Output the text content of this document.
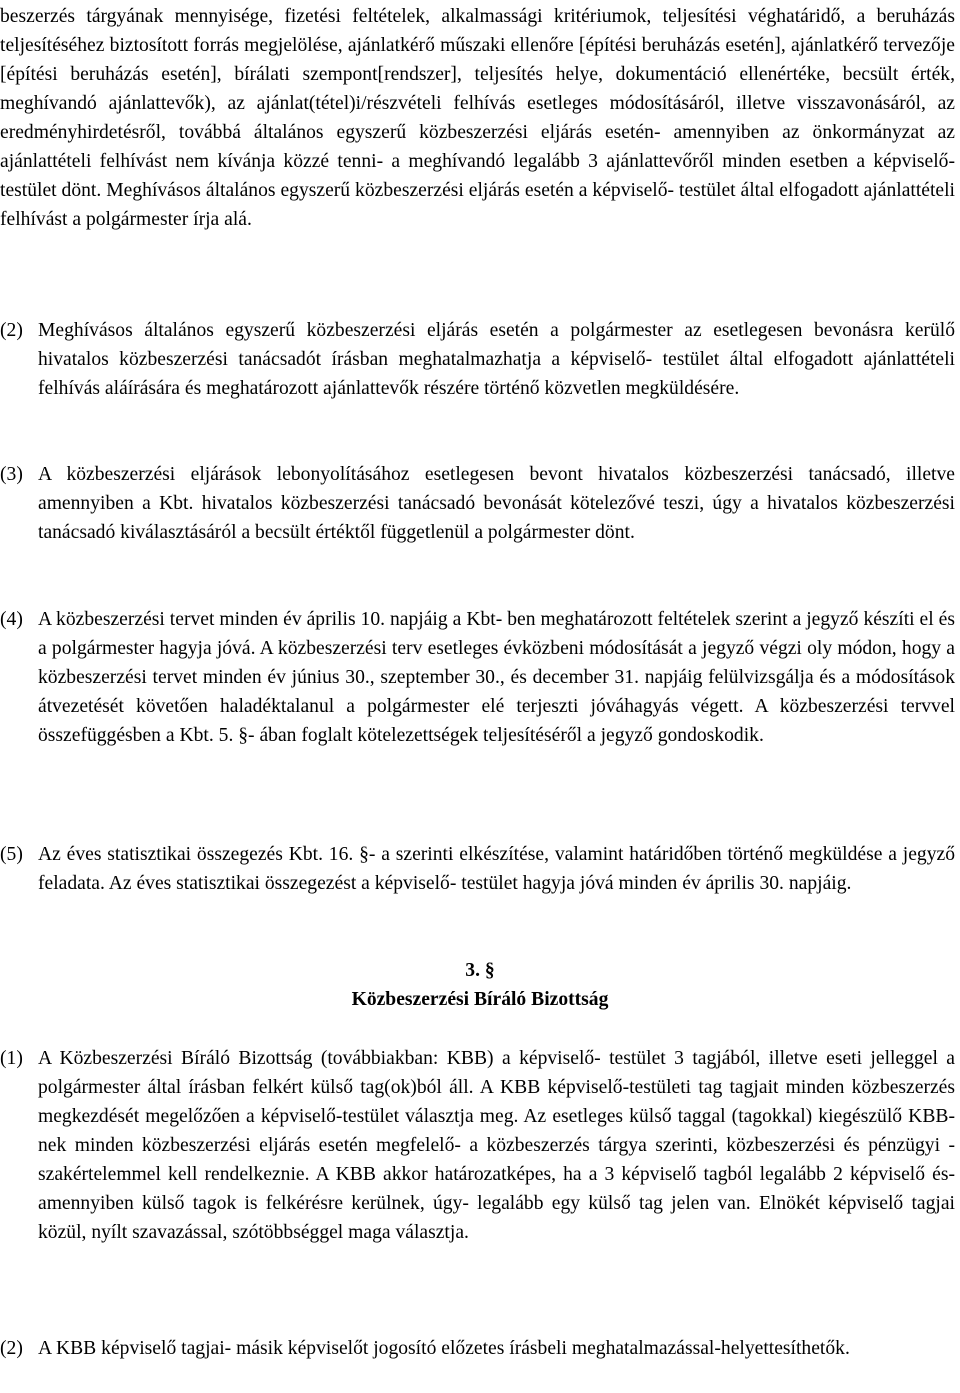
beszerzés tárgyának mennyisége, fizetési feltételek, alkalmassági kritériumok, teljesítési véghatáridő, a beruházás teljesítéséhez biztosított forrás megjelölése, ajánlatkérő műszaki ellenőre [építési beruházás esetén], ajánlatkérő tervezője [építési beruházás esetén], bírálati szempont[rendszer], teljesítés helye, dokumentáció ellenértéke, becsült érték, meghívandó ajánlattevők), az ajánlat(tétel)i/részvételi felhívás esetleges módosításáról, illetve visszavonásáról, az eredményhirdetésről, továbbá általános egyszerű közbeszerzési eljárás esetén- amennyiben az önkormányzat az ajánlattételi felhívást nem kívánja közzé tenni- a meghívandó legalább 3 ajánlattevőről minden esetben a képviselő-testület dönt. Meghívásos általános egyszerű közbeszerzési eljárás esetén a képviselő- testület által elfogadott ajánlattételi felhívást a polgármester írja alá.
(2) Meghívásos általános egyszerű közbeszerzési eljárás esetén a polgármester az esetlegesen bevonásra kerülő hivatalos közbeszerzési tanácsadót írásban meghatalmazhatja a képviselő- testület által elfogadott ajánlattételi felhívás aláírására és meghatározott ajánlattevők részére történő közvetlen megküldésére.
(3) A közbeszerzési eljárások lebonyolításához esetlegesen bevont hivatalos közbeszerzési tanácsadó, illetve amennyiben a Kbt. hivatalos közbeszerzési tanácsadó bevonását kötelezővé teszi, úgy a hivatalos közbeszerzési tanácsadó kiválasztásáról a becsült értéktől függetlenül a polgármester dönt.
(4) A közbeszerzési tervet minden év április 10. napjáig a Kbt- ben meghatározott feltételek szerint a jegyző készíti el és a polgármester hagyja jóvá. A közbeszerzési terv esetleges évközbeni módosítását a jegyző végzi oly módon, hogy a közbeszerzési tervet minden év június 30., szeptember 30., és december 31. napjáig felülvizsgálja és a módosítások átvezetését követően haladéktalanul a polgármester elé terjeszti jóváhagyás végett. A közbeszerzési tervvel összefüggésben a Kbt. 5. §- ában foglalt kötelezettségek teljesítéséről a jegyző gondoskodik.
(5) Az éves statisztikai összegezés Kbt. 16. §- a szerinti elkészítése, valamint határidőben történő megküldése a jegyző feladata. Az éves statisztikai összegezést a képviselő- testület hagyja jóvá minden év április 30. napjáig.
3. §
Közbeszerzési Bíráló Bizottság
(1) A Közbeszerzési Bíráló Bizottság (továbbiakban: KBB) a képviselő- testület 3 tagjából, illetve eseti jelleggel a polgármester által írásban felkért külső tag(ok)ból áll. A KBB képviselő-testületi tag tagjait minden közbeszerzés megkezdését megelőzően a képviselő-testület választja meg. Az esetleges külső taggal (tagokkal) kiegészülő KBB- nek minden közbeszerzési eljárás esetén megfelelő- a közbeszerzés tárgya szerinti, közbeszerzési és pénzügyi - szakértelemmel kell rendelkeznie. A KBB akkor határozatképes, ha a 3 képviselő tagból legalább 2 képviselő és- amennyiben külső tagok is felkérésre kerülnek, úgy- legalább egy külső tag jelen van. Elnökét képviselő tagjai közül, nyílt szavazással, szótöbbséggel maga választja.
(2) A KBB képviselő tagjai- másik képviselőt jogosító előzetes írásbeli meghatalmazással-helyettesíthetők.
